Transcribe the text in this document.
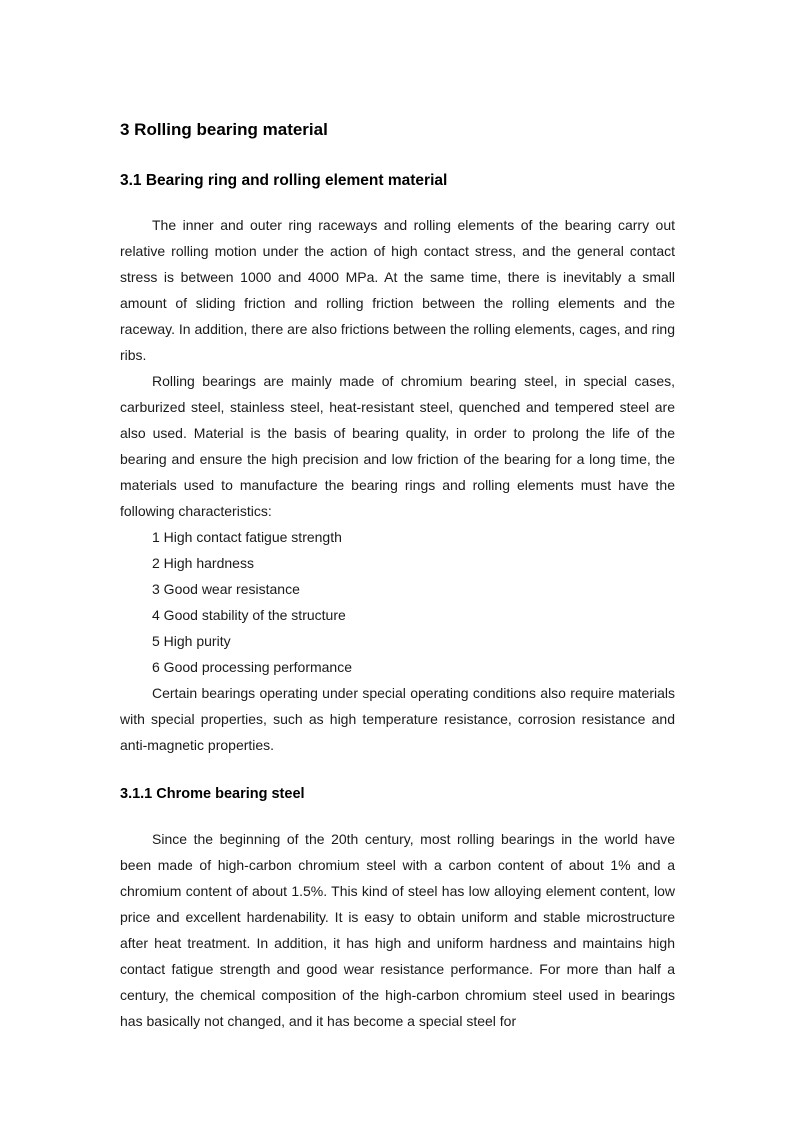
3 Rolling bearing material
3.1 Bearing ring and rolling element material

The inner and outer ring raceways and rolling elements of the bearing carry out relative rolling motion under the action of high contact stress, and the general contact stress is between 1000 and 4000 MPa. At the same time, there is inevitably a small amount of sliding friction and rolling friction between the rolling elements and the raceway. In addition, there are also frictions between the rolling elements, cages, and ring ribs.

Rolling bearings are mainly made of chromium bearing steel, in special cases, carburized steel, stainless steel, heat-resistant steel, quenched and tempered steel are also used. Material is the basis of bearing quality, in order to prolong the life of the bearing and ensure the high precision and low friction of the bearing for a long time, the materials used to manufacture the bearing rings and rolling elements must have the following characteristics:

1 High contact fatigue strength

2 High hardness

3 Good wear resistance

4 Good stability of the structure

5 High purity

6 Good processing performance

Certain bearings operating under special operating conditions also require materials with special properties, such as high temperature resistance, corrosion resistance and anti-magnetic properties.

3.1.1 Chrome bearing steel

Since the beginning of the 20th century, most rolling bearings in the world have been made of high-carbon chromium steel with a carbon content of about 1% and a chromium content of about 1.5%. This kind of steel has low alloying element content, low price and excellent hardenability. It is easy to obtain uniform and stable microstructure after heat treatment. In addition, it has high and uniform hardness and maintains high contact fatigue strength and good wear resistance performance. For more than half a century, the chemical composition of the high-carbon chromium steel used in bearings has basically not changed, and it has become a special steel for
